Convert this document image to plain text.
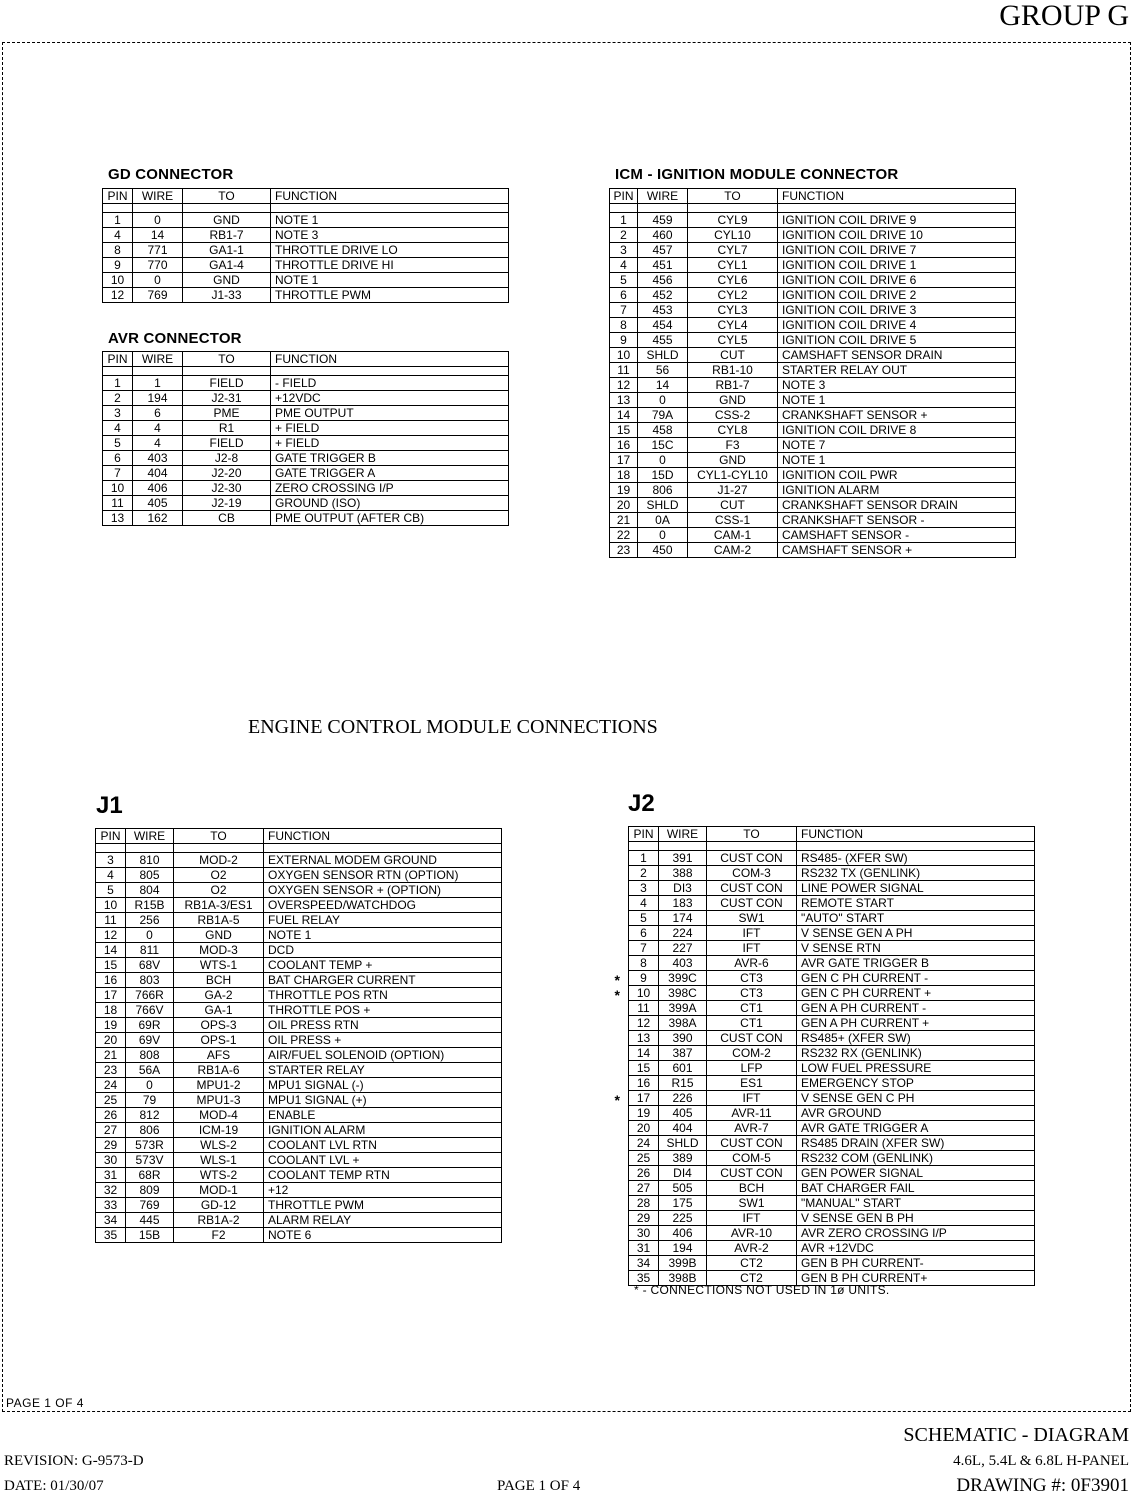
GROUP G
GD CONNECTOR
PIN	WIRE	TO	FUNCTION

1	0	GND	NOTE 1
4	14	RB1-7	NOTE 3
8	771	GA1-1	THROTTLE DRIVE LO
9	770	GA1-4	THROTTLE DRIVE HI
10	0	GND	NOTE 1
12	769	J1-33	THROTTLE PWM
AVR CONNECTOR
PIN	WIRE	TO	FUNCTION

1	1	FIELD	- FIELD
2	194	J2-31	+12VDC
3	6	PME	PME OUTPUT
4	4	R1	+ FIELD
5	4	FIELD	+ FIELD
6	403	J2-8	GATE TRIGGER B
7	404	J2-20	GATE TRIGGER A
10	406	J2-30	ZERO CROSSING I/P
11	405	J2-19	GROUND (ISO)
13	162	CB	PME OUTPUT (AFTER CB)
ICM - IGNITION MODULE CONNECTOR
PIN	WIRE	TO	FUNCTION

1	459	CYL9	IGNITION COIL DRIVE 9
2	460	CYL10	IGNITION COIL DRIVE 10
3	457	CYL7	IGNITION COIL DRIVE 7
4	451	CYL1	IGNITION COIL DRIVE 1
5	456	CYL6	IGNITION COIL DRIVE 6
6	452	CYL2	IGNITION COIL DRIVE 2
7	453	CYL3	IGNITION COIL DRIVE 3
8	454	CYL4	IGNITION COIL DRIVE 4
9	455	CYL5	IGNITION COIL DRIVE 5
10	SHLD	CUT	CAMSHAFT SENSOR DRAIN
11	56	RB1-10	STARTER RELAY OUT
12	14	RB1-7	NOTE 3
13	0	GND	NOTE 1
14	79A	CSS-2	CRANKSHAFT SENSOR +
15	458	CYL8	IGNITION COIL DRIVE 8
16	15C	F3	NOTE 7
17	0	GND	NOTE 1
18	15D	CYL1-CYL10	IGNITION COIL PWR
19	806	J1-27	IGNITION ALARM
20	SHLD	CUT	CRANKSHAFT SENSOR DRAIN
21	0A	CSS-1	CRANKSHAFT SENSOR -
22	0	CAM-1	CAMSHAFT SENSOR -
23	450	CAM-2	CAMSHAFT SENSOR +
ENGINE CONTROL MODULE CONNECTIONS
J1
PIN	WIRE	TO	FUNCTION

3	810	MOD-2	EXTERNAL MODEM GROUND
4	805	O2	OXYGEN SENSOR RTN (OPTION)
5	804	O2	OXYGEN SENSOR + (OPTION)
10	R15B	RB1A-3/ES1	OVERSPEED/WATCHDOG
11	256	RB1A-5	FUEL RELAY
12	0	GND	NOTE 1
14	811	MOD-3	DCD
15	68V	WTS-1	COOLANT TEMP +
16	803	BCH	BAT CHARGER CURRENT
17	766R	GA-2	THROTTLE POS RTN
18	766V	GA-1	THROTTLE POS +
19	69R	OPS-3	OIL PRESS RTN
20	69V	OPS-1	OIL PRESS +
21	808	AFS	AIR/FUEL SOLENOID (OPTION)
23	56A	RB1A-6	STARTER RELAY
24	0	MPU1-2	MPU1 SIGNAL (-)
25	79	MPU1-3	MPU1 SIGNAL (+)
26	812	MOD-4	ENABLE
27	806	ICM-19	IGNITION ALARM
29	573R	WLS-2	COOLANT LVL RTN
30	573V	WLS-1	COOLANT LVL +
31	68R	WTS-2	COOLANT TEMP RTN
32	809	MOD-1	+12
33	769	GD-12	THROTTLE PWM
34	445	RB1A-2	ALARM RELAY
35	15B	F2	NOTE 6
J2
PIN	WIRE	TO	FUNCTION

1	391	CUST CON	RS485- (XFER SW)
2	388	COM-3	RS232 TX (GENLINK)
3	DI3	CUST CON	LINE POWER SIGNAL
4	183	CUST CON	REMOTE START
5	174	SW1	"AUTO" START
6	224	IFT	V SENSE GEN A PH
7	227	IFT	V SENSE RTN
8	403	AVR-6	AVR GATE TRIGGER B
9	399C	CT3	GEN C PH CURRENT -
10	398C	CT3	GEN C PH CURRENT +
11	399A	CT1	GEN A PH CURRENT -
12	398A	CT1	GEN A PH CURRENT +
13	390	CUST CON	RS485+ (XFER SW)
14	387	COM-2	RS232 RX (GENLINK)
15	601	LFP	LOW FUEL PRESSURE
16	R15	ES1	EMERGENCY STOP
17	226	IFT	V SENSE GEN C PH
19	405	AVR-11	AVR GROUND
20	404	AVR-7	AVR GATE TRIGGER A
24	SHLD	CUST CON	RS485 DRAIN (XFER SW)
25	389	COM-5	RS232 COM (GENLINK)
26	DI4	CUST CON	GEN POWER SIGNAL
27	505	BCH	BAT CHARGER FAIL
28	175	SW1	"MANUAL" START
29	225	IFT	V SENSE GEN B PH
30	406	AVR-10	AVR ZERO CROSSING I/P
31	194	AVR-2	AVR +12VDC
34	399B	CT2	GEN B PH CURRENT-
35	398B	CT2	GEN B PH CURRENT+
*
*
*
* - CONNECTIONS NOT USED IN 1ø UNITS.
PAGE 1 OF 4
SCHEMATIC - DIAGRAM
REVISION: G-9573-D	4.6L, 5.4L & 6.8L H-PANEL
DATE: 01/30/07	PAGE 1 OF 4	DRAWING #: 0F3901
